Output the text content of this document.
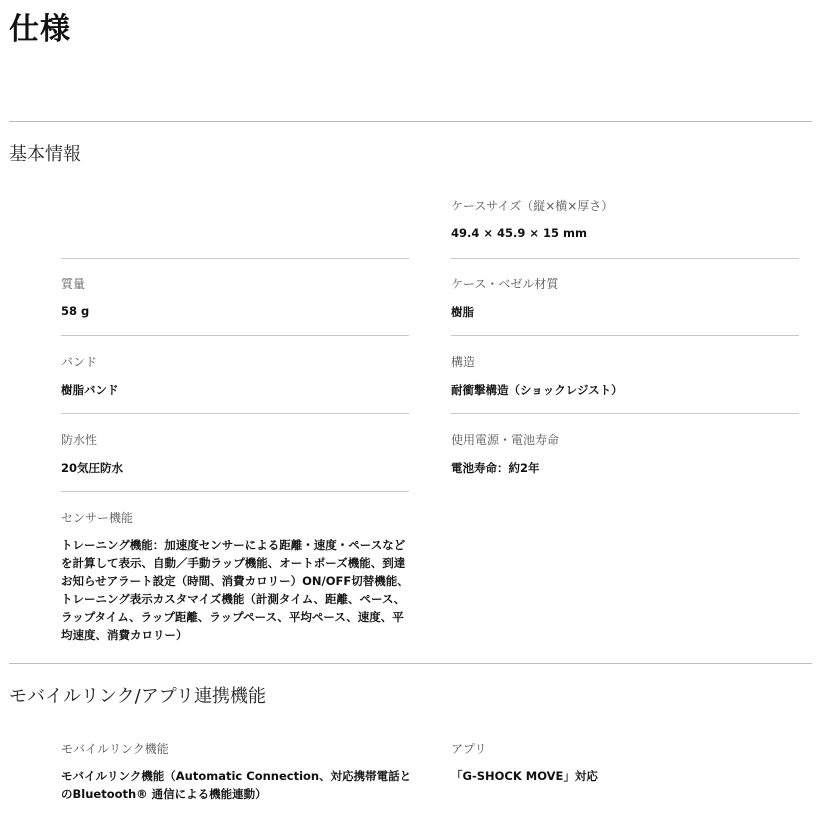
仕様
基本情報
ケースサイズ（縦×横×厚さ）
49.4 × 45.9 × 15 mm
質量
58 g
ケース・ベゼル材質
樹脂
バンド
樹脂バンド
構造
耐衝撃構造（ショックレジスト）
防水性
20気圧防水
使用電源・電池寿命
電池寿命：約2年
センサー機能
トレーニング機能：加速度センサーによる距離・速度・ペースなどを計算して表示、自動／手動ラップ機能、オートポーズ機能、到達お知らせアラート設定（時間、消費カロリー）ON/OFF切替機能、トレーニング表示カスタマイズ機能（計測タイム、距離、ペース、ラップタイム、ラップ距離、ラップペース、平均ペース、速度、平均速度、消費カロリー）
モバイルリンク/アプリ連携機能
モバイルリンク機能
モバイルリンク機能（Automatic Connection、対応携帯電話とのBluetooth® 通信による機能連動）
アプリ
「G-SHOCK MOVE」対応
